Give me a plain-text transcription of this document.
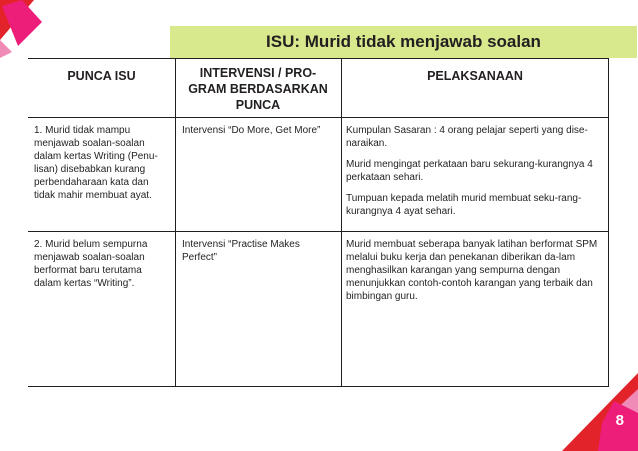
ISU: Murid tidak menjawab soalan
PUNCA ISU	INTERVENSI / PRO-
GRAM BERDASARKAN
PUNCA
PELAKSANAAN
1. Murid tidak mampu menjawab soalan-soalan dalam kertas Writing (Penu-lisan) disebabkan kurang perbendaharaan kata dan tidak mahir membuat ayat.
Intervensi “Do More, Get More”	Kumpulan Sasaran : 4 orang pelajar seperti yang dise-naraikan.

Murid mengingat perkataan baru sekurang-kurangnya 4 perkataan sehari.

Tumpuan kepada melatih murid membuat seku-rang-kurangnya 4 ayat sehari.

2. Murid belum sempurna menjawab soalan-soalan berformat baru terutama dalam kertas “Writing”.
Intervensi “Practise Makes Perfect”

Murid membuat seberapa banyak latihan berformat SPM melalui buku kerja dan penekanan diberikan da-lam menghasilkan karangan yang sempurna dengan menunjukkan contoh-contoh karangan yang terbaik dan bimbingan guru.

8
